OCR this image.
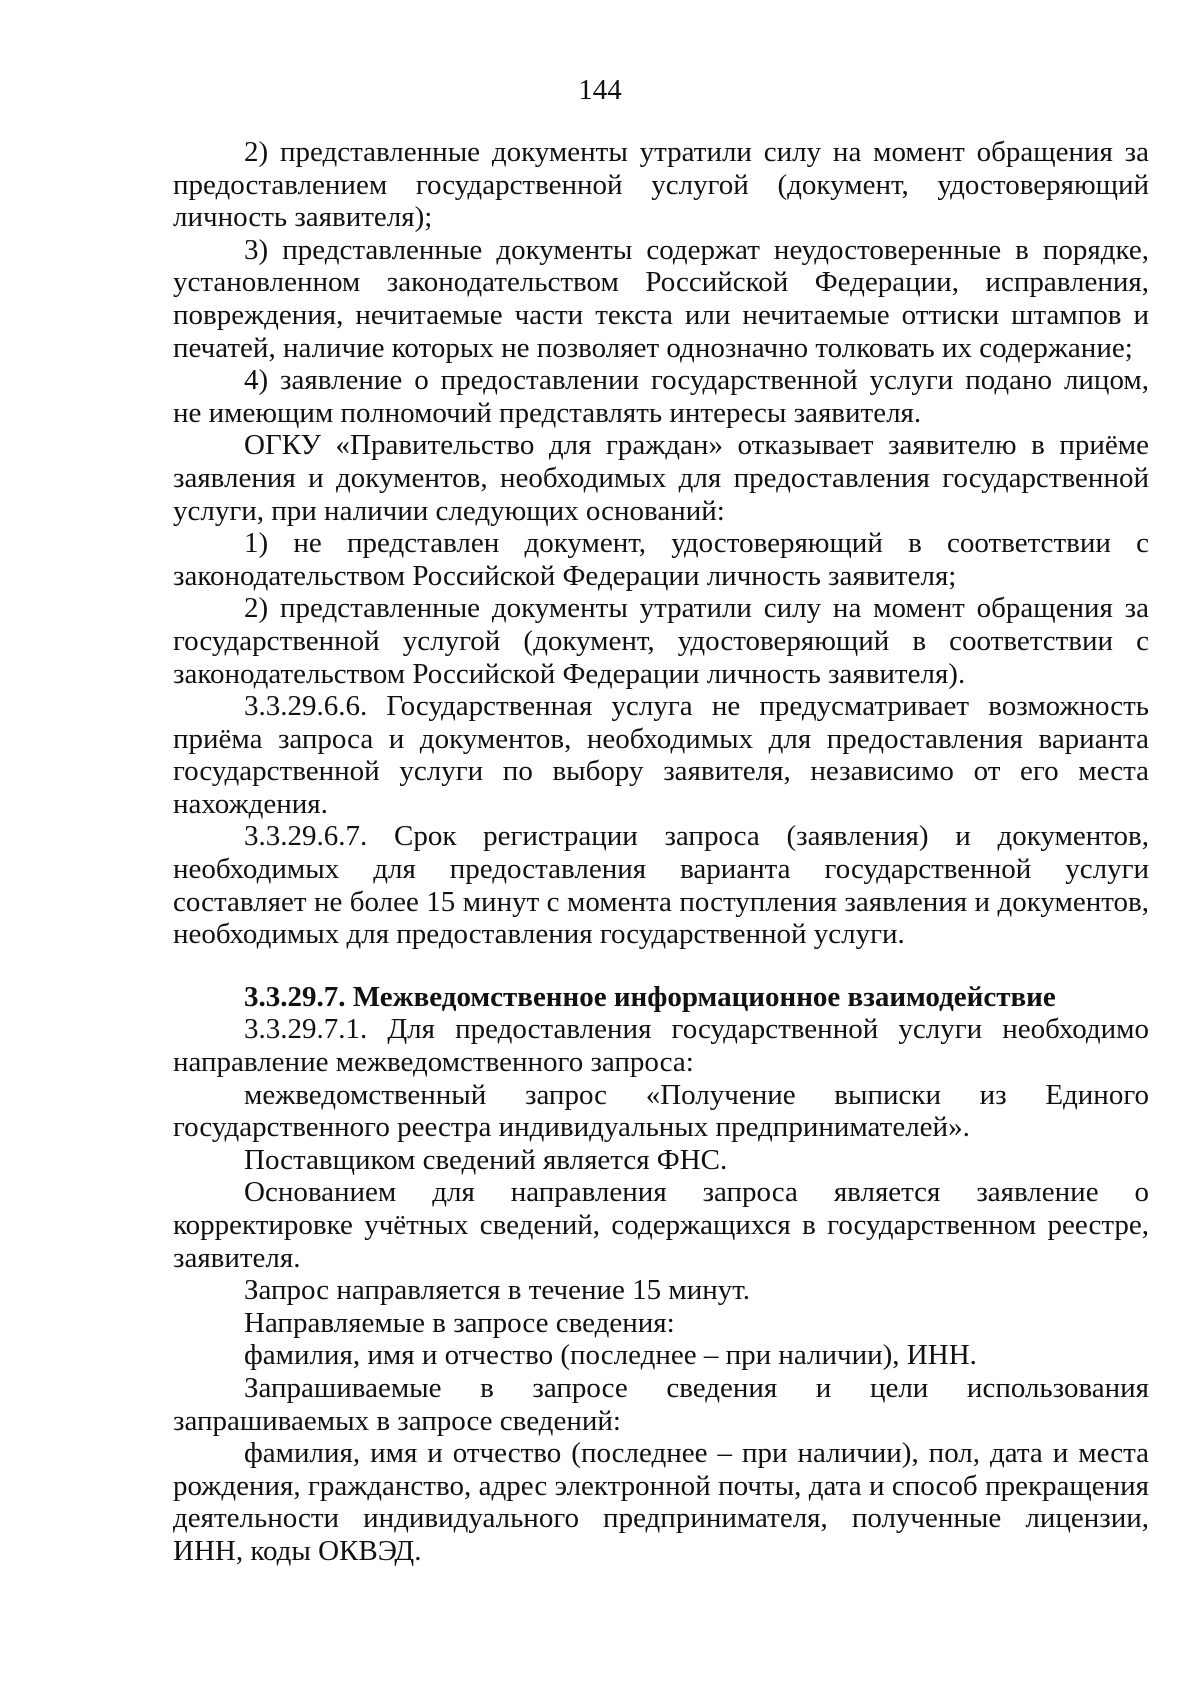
144

2) представленные документы утратили силу на момент обращения за предоставлением государственной услугой (документ, удостоверяющий личность заявителя);

3) представленные документы содержат неудостоверенные в порядке, установленном законодательством Российской Федерации, исправления, повреждения, нечитаемые части текста или нечитаемые оттиски штампов и печатей, наличие которых не позволяет однозначно толковать их содержание;

4) заявление о предоставлении государственной услуги подано лицом, не имеющим полномочий представлять интересы заявителя.

ОГКУ «Правительство для граждан» отказывает заявителю в приёме заявления и документов, необходимых для предоставления государственной услуги, при наличии следующих оснований:

1) не представлен документ, удостоверяющий в соответствии с законодательством Российской Федерации личность заявителя;

2) представленные документы утратили силу на момент обращения за государственной услугой (документ, удостоверяющий в соответствии с законодательством Российской Федерации личность заявителя).

3.3.29.6.6. Государственная услуга не предусматривает возможность приёма запроса и документов, необходимых для предоставления варианта государственной услуги по выбору заявителя, независимо от его места нахождения.

3.3.29.6.7. Срок регистрации запроса (заявления) и документов, необходимых для предоставления варианта государственной услуги составляет не более 15 минут с момента поступления заявления и документов, необходимых для предоставления государственной услуги.

3.3.29.7. Межведомственное информационное взаимодействие

3.3.29.7.1. Для предоставления государственной услуги необходимо направление межведомственного запроса:

межведомственный запрос «Получение выписки из Единого государственного реестра индивидуальных предпринимателей».

Поставщиком сведений является ФНС.

Основанием для направления запроса является заявление о корректировке учётных сведений, содержащихся в государственном реестре, заявителя.

Запрос направляется в течение 15 минут.

Направляемые в запросе сведения:

фамилия, имя и отчество (последнее – при наличии), ИНН.

Запрашиваемые в запросе сведения и цели использования запрашиваемых в запросе сведений:

фамилия, имя и отчество (последнее – при наличии), пол, дата и места рождения, гражданство, адрес электронной почты, дата и способ прекращения деятельности индивидуального предпринимателя, полученные лицензии, ИНН, коды ОКВЭД.
